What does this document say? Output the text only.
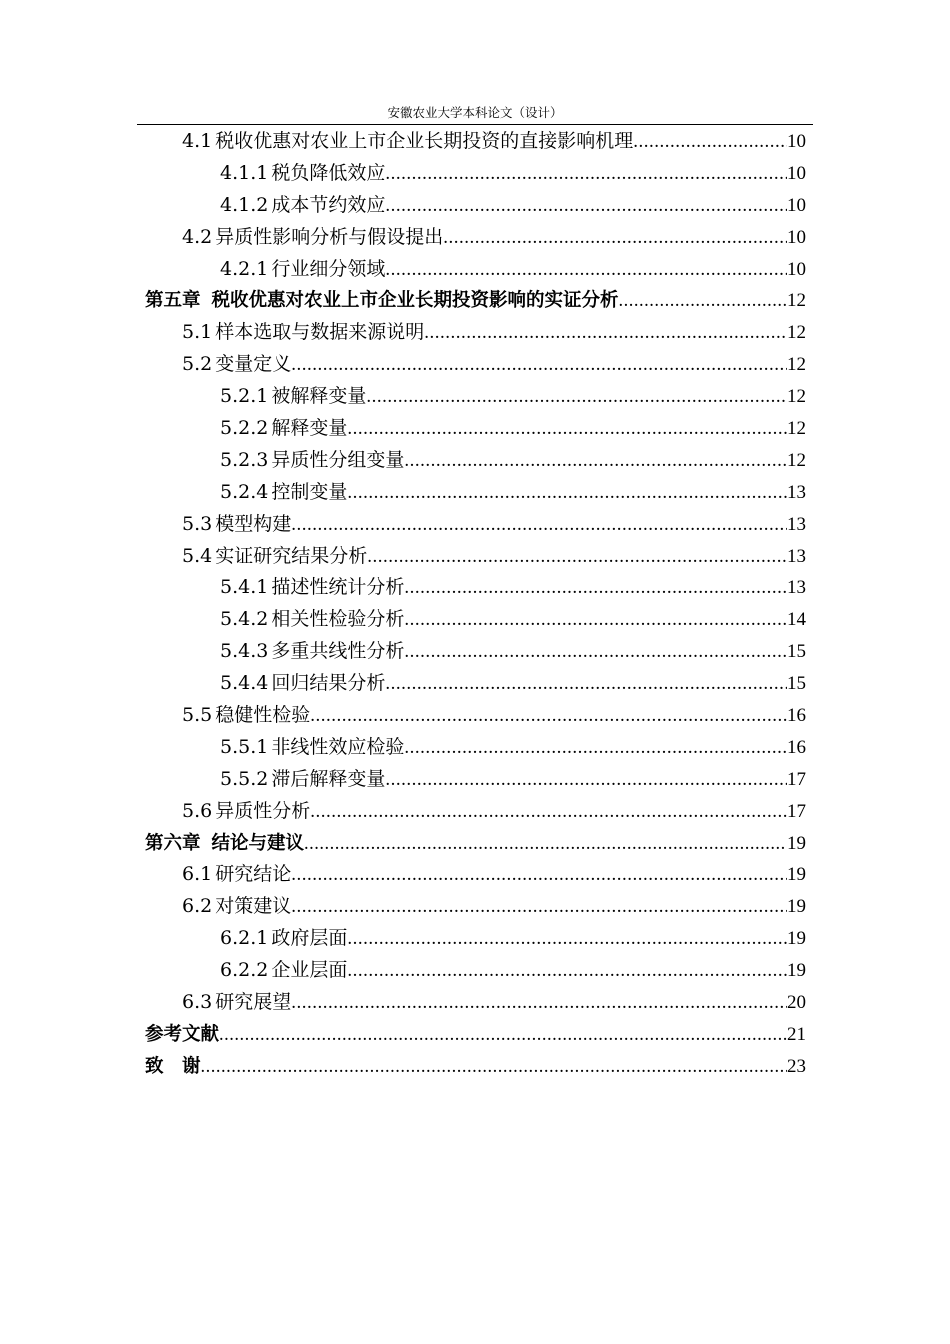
安徽农业大学本科论文（设计）
4.1 税收优惠对农业上市企业长期投资的直接影响机理 .....	10
4.1.1 税负降低效应 .....	10
4.1.2 成本节约效应 .....	10
4.2 异质性影响分析与假设提出 .....	10
4.2.1 行业细分领域 .....	10
第五章 税收优惠对农业上市企业长期投资影响的实证分析 .....	12
5.1 样本选取与数据来源说明 .....	12
5.2 变量定义 .....	12
5.2.1 被解释变量 .....	12
5.2.2 解释变量 .....	12
5.2.3 异质性分组变量 .....	12
5.2.4 控制变量 .....	13
5.3 模型构建 .....	13
5.4 实证研究结果分析 .....	13
5.4.1 描述性统计分析 .....	13
5.4.2 相关性检验分析 .....	14
5.4.3 多重共线性分析 .....	15
5.4.4 回归结果分析 .....	15
5.5 稳健性检验 .....	16
5.5.1 非线性效应检验 .....	16
5.5.2 滞后解释变量 .....	17
5.6 异质性分析 .....	17
第六章 结论与建议 .....	19
6.1 研究结论 .....	19
6.2 对策建议 .....	19
6.2.1 政府层面 .....	19
6.2.2 企业层面 .....	19
6.3 研究展望 .....	20
参考文献 .....	21
致　谢 .....	23
